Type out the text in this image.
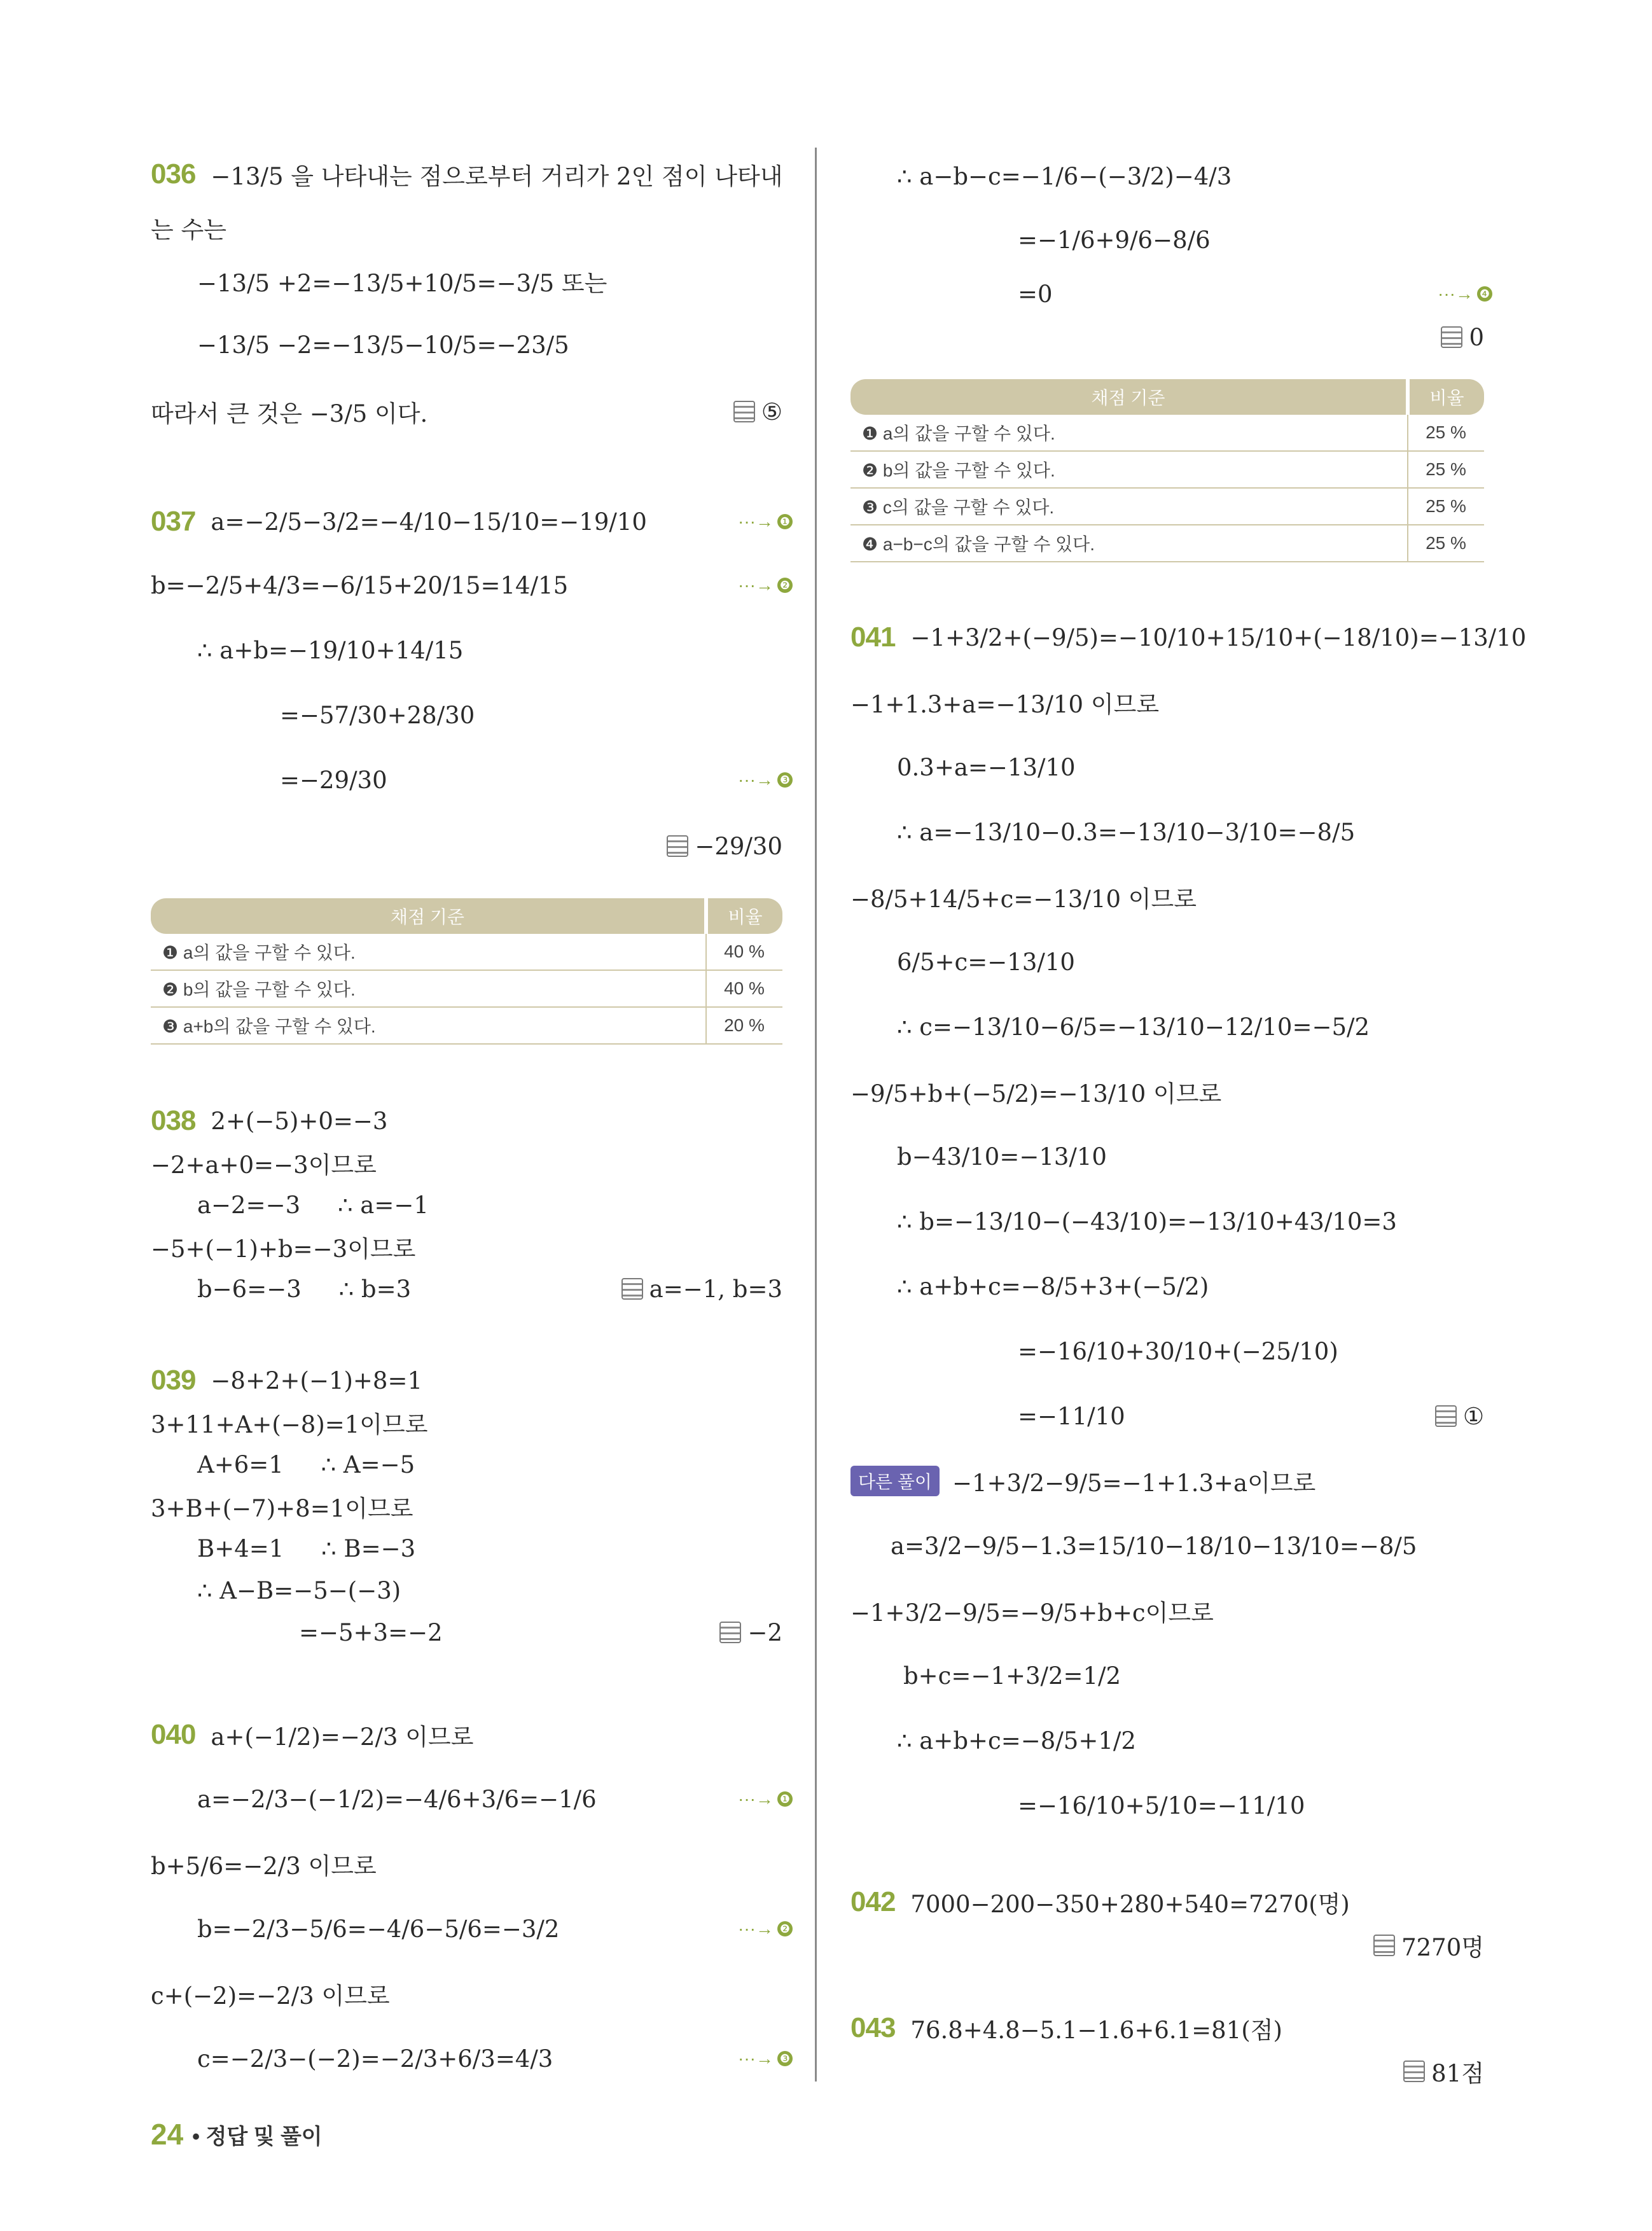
036 −13/5 을 나타내는 점으로부터 거리가 2인 점이 나타내
는 수는
−13/5 +2=−13/5+10/5=−3/5 또는
−13/5 −2=−13/5−10/5=−23/5
따라서 큰 것은 −3/5 이다.	⑤
037 a=−2/5−3/2=−4/10−15/10=−19/10	···→ ❶
b=−2/5+4/3=−6/15+20/15=14/15	···→ ❷
∴ a+b=−19/10+14/15
=−57/30+28/30
=−29/30	···→ ❸
−29/30
채점 기준	비율
❶ a의 값을 구할 수 있다.	40 %
❷ b의 값을 구할 수 있다.	40 %
❸ a+b의 값을 구할 수 있다.	20 %
038 2+(−5)+0=−3
−2+a+0=−3이므로
a−2=−3     ∴ a=−1
−5+(−1)+b=−3이므로
b−6=−3     ∴ b=3	a=−1, b=3
039 −8+2+(−1)+8=1
3+11+A+(−8)=1이므로
A+6=1     ∴ A=−5
3+B+(−7)+8=1이므로
B+4=1     ∴ B=−3
∴ A−B=−5−(−3)
=−5+3=−2	−2
040 a+(−1/2)=−2/3 이므로
a=−2/3−(−1/2)=−4/6+3/6=−1/6	···→ ❶
b+5/6=−2/3 이므로
b=−2/3−5/6=−4/6−5/6=−3/2	···→ ❷
c+(−2)=−2/3 이므로
c=−2/3−(−2)=−2/3+6/3=4/3	···→ ❸
∴ a−b−c=−1/6−(−3/2)−4/3
=−1/6+9/6−8/6
=0	···→ ❹
0
채점 기준	비율
❶ a의 값을 구할 수 있다.	25 %
❷ b의 값을 구할 수 있다.	25 %
❸ c의 값을 구할 수 있다.	25 %
❹ a−b−c의 값을 구할 수 있다.	25 %
041 −1+3/2+(−9/5)=−10/10+15/10+(−18/10)=−13/10
−1+1.3+a=−13/10 이므로
0.3+a=−13/10
∴ a=−13/10−0.3=−13/10−3/10=−8/5
−8/5+14/5+c=−13/10 이므로
6/5+c=−13/10
∴ c=−13/10−6/5=−13/10−12/10=−5/2
−9/5+b+(−5/2)=−13/10 이므로
b−43/10=−13/10
∴ b=−13/10−(−43/10)=−13/10+43/10=3
∴ a+b+c=−8/5+3+(−5/2)
=−16/10+30/10+(−25/10)
=−11/10	①
다른 풀이 −1+3/2−9/5=−1+1.3+a이므로
a=3/2−9/5−1.3=15/10−18/10−13/10=−8/5
−1+3/2−9/5=−9/5+b+c이므로
b+c=−1+3/2=1/2
∴ a+b+c=−8/5+1/2
=−16/10+5/10=−11/10
042 7000−200−350+280+540=7270(명)
7270명
043 76.8+4.8−5.1−1.6+6.1=81(점)
81점
24 • 정답 및 풀이
